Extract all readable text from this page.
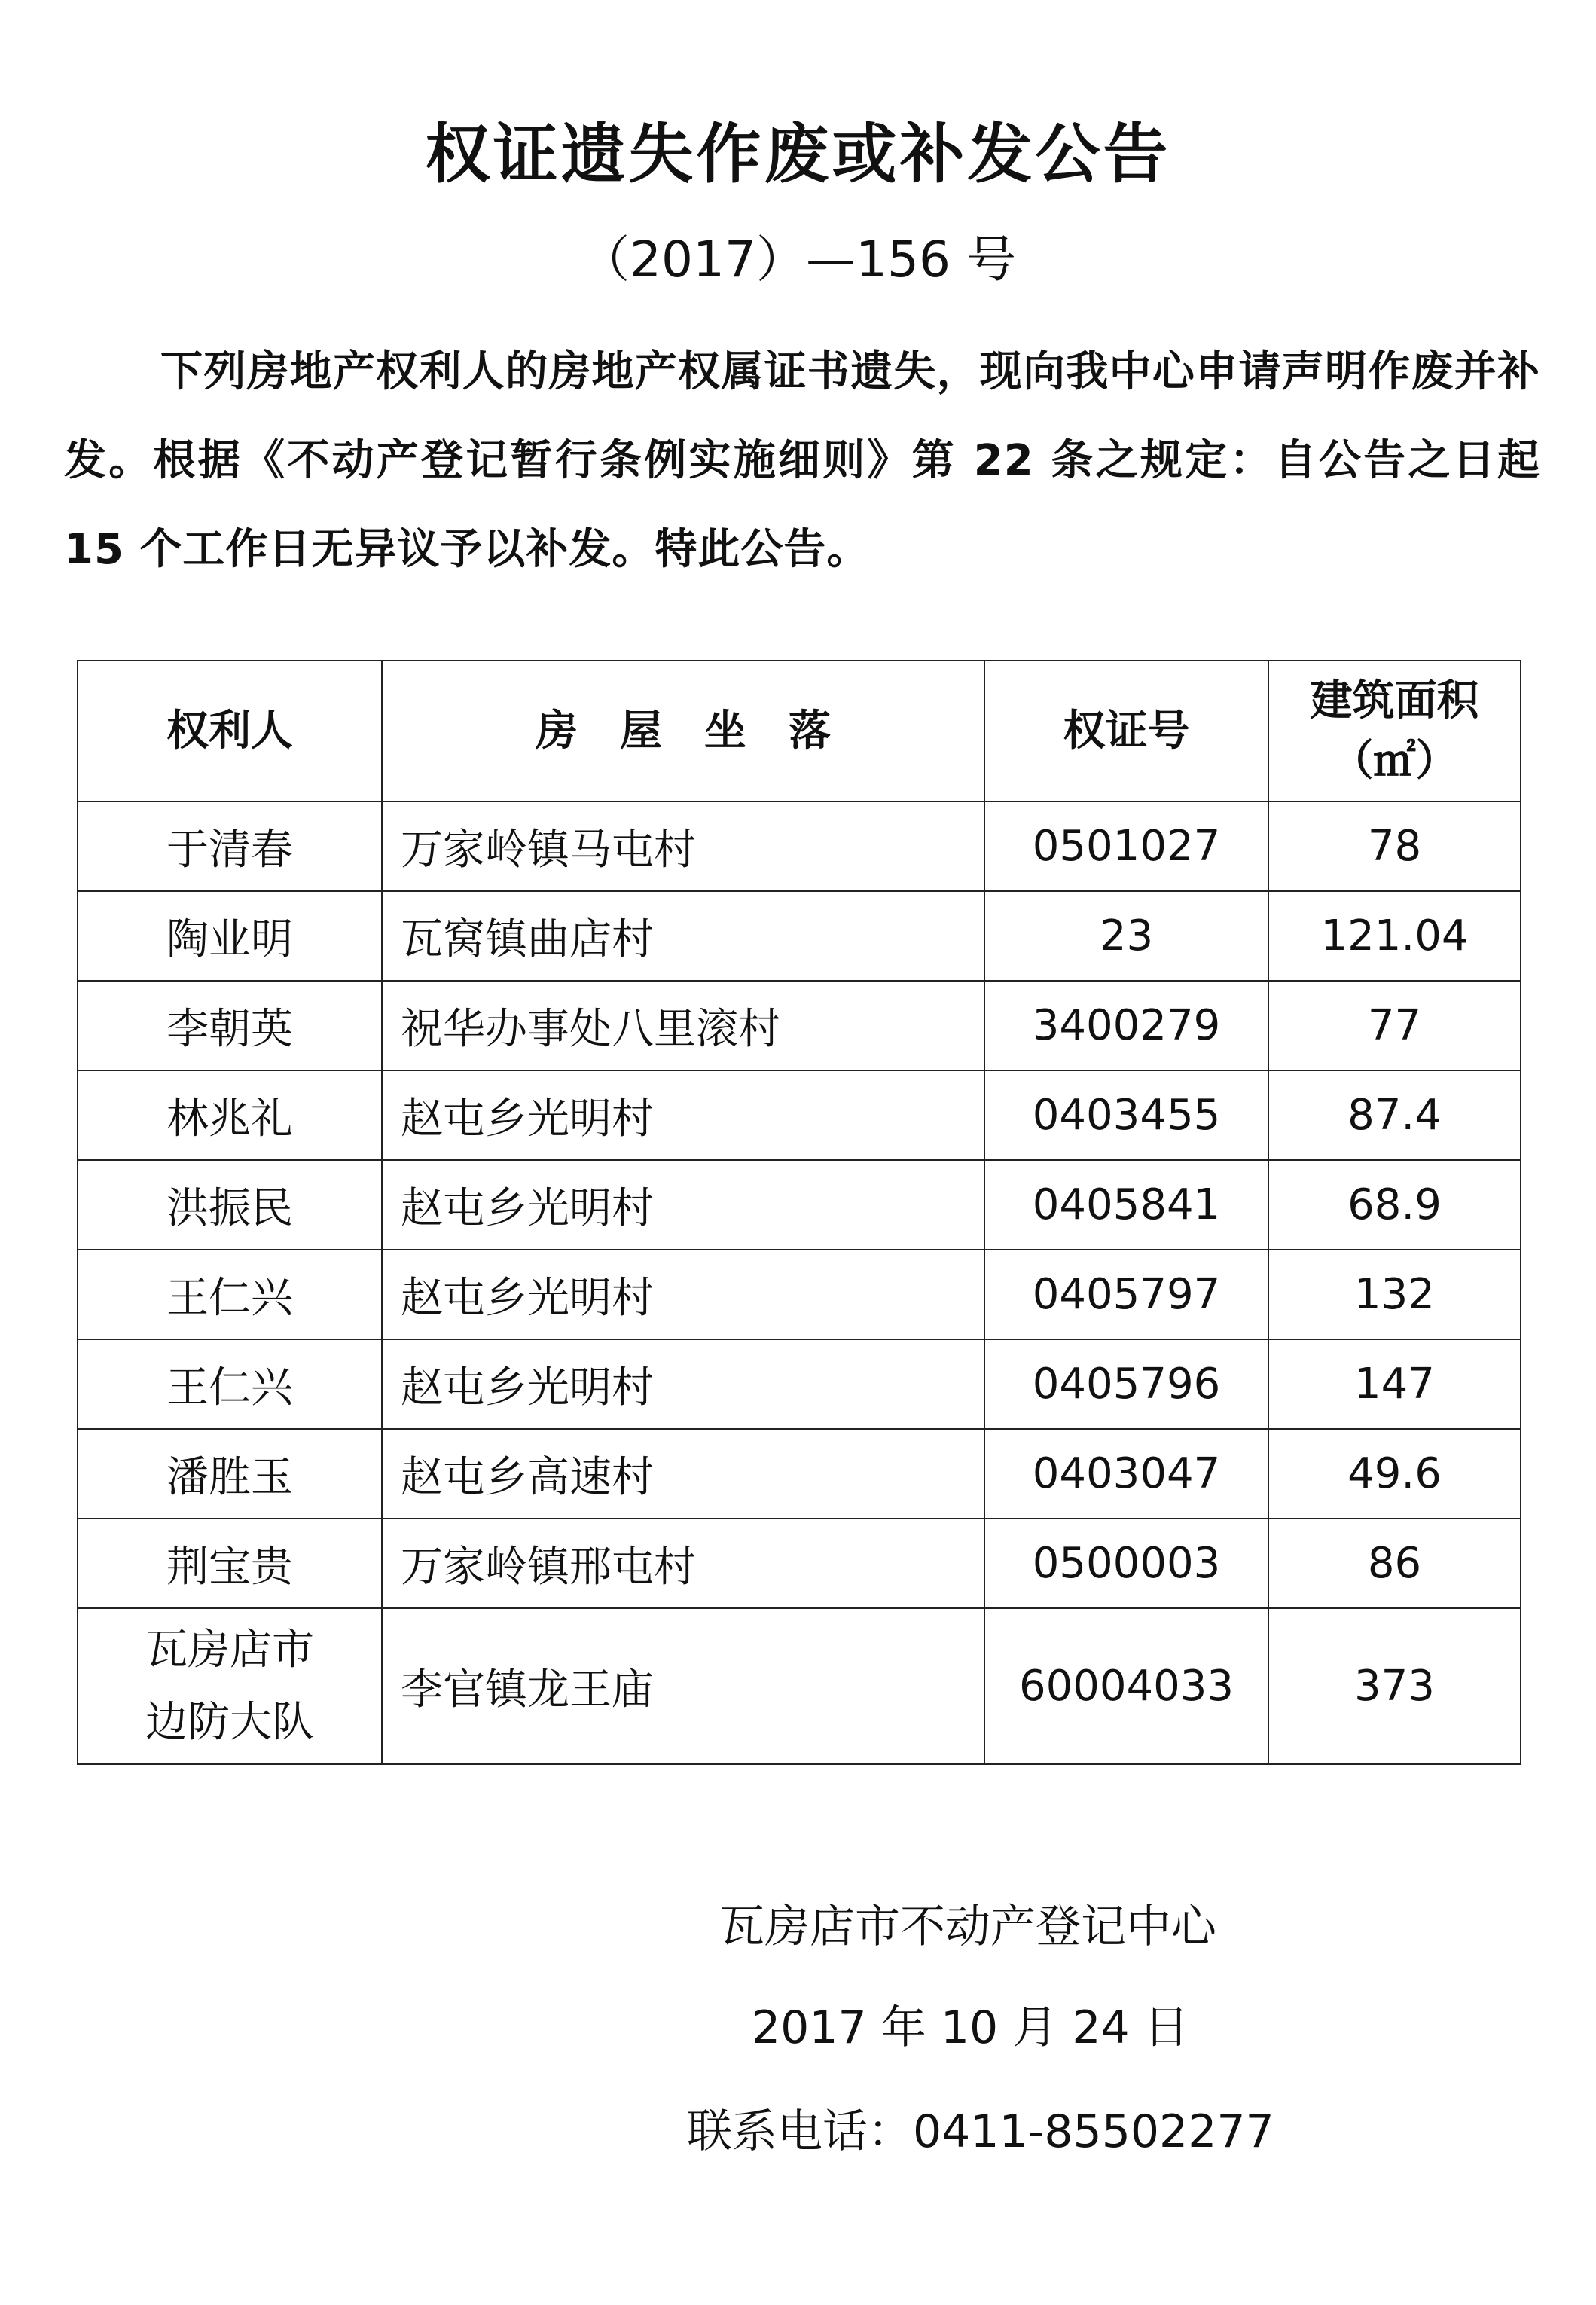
权证遗失作废或补发公告
（2017）—156 号
下列房地产权利人的房地产权属证书遗失，现向我中心申请声明作废并补发。根据《不动产登记暂行条例实施细则》第 22 条之规定：自公告之日起 15 个工作日无异议予以补发。特此公告。
权利人	房　屋　坐　落	权证号	建筑面积
（㎡）

于清春	万家岭镇马屯村	0501027	78
陶业明	瓦窝镇曲店村	23	121.04
李朝英	祝华办事处八里滚村	3400279	77
林兆礼	赵屯乡光明村	0403455	87.4
洪振民	赵屯乡光明村	0405841	68.9
王仁兴	赵屯乡光明村	0405797	132
王仁兴	赵屯乡光明村	0405796	147
潘胜玉	赵屯乡高速村	0403047	49.6
荆宝贵	万家岭镇邢屯村	0500003	86

瓦房店市
边防大队	李官镇龙王庙	60004033	373
瓦房店市不动产登记中心
2017 年 10 月 24 日
联系电话：0411-85502277
